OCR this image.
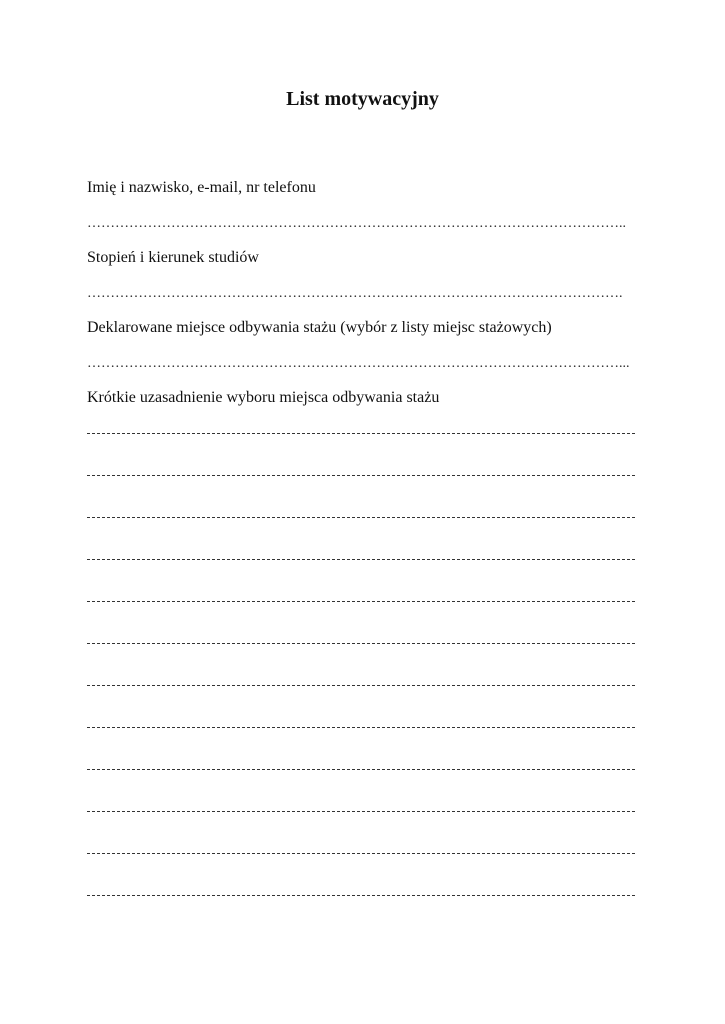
List motywacyjny
Imię i nazwisko, e-mail, nr telefonu
……………………………………………………………………………………………………..
Stopień i kierunek studiów
…………………………………………………………………………………………………….
Deklarowane miejsce odbywania stażu (wybór z listy miejsc stażowych)
……………………………………………………………………………………………………...
Krótkie uzasadnienie wyboru miejsca odbywania stażu
